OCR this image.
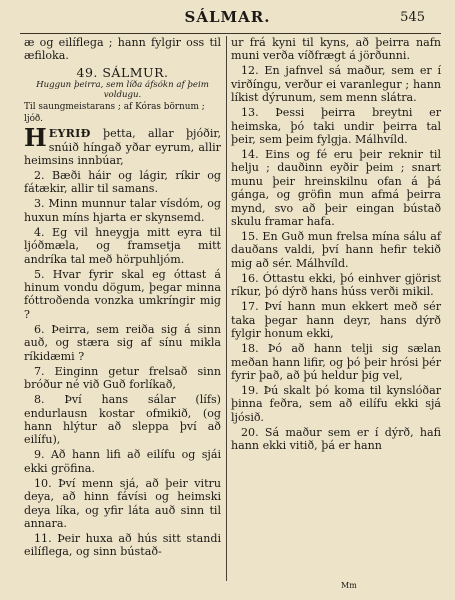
SÁLMAR.	545

æ og eilíflega ; hann fylgir oss til æfiloka.

49. SÁLMUR.
Huggun þeirra, sem líða áfsókn af þeim voldugu.
Til saungmeistarans ; af Kóras börnum ; ljóð.

HEYRIÐ þetta, allar þjóðir, snúið híngað yðar eyrum, allir heimsins innbúar,

2. Bæði háir og lágir, ríkir og fátækir, allir til samans.

3. Minn munnur talar vísdóm, og huxun míns hjarta er skynsemd.

4. Eg vil hneygja mitt eyra til ljóðmæla, og framsetja mitt andríka tal með hörpuhljóm.

5. Hvar fyrir skal eg óttast á hinum vondu dögum, þegar minna fóttroðenda vonzka umkríngir mig ?

6. Þeirra, sem reiða sig á sinn auð, og stæra sig af sínu mikla ríkidæmi ?

7. Einginn getur frelsað sinn bróður né við Guð forlíkað,

8. Því hans sálar (lífs) endurlausn kostar ofmikið, (og hann hlýtur að sleppa því að eilífu),

9. Að hann lifi að eilífu og sjái ekki gröfina.

10. Því menn sjá, að þeir vitru deya, að hinn fávísi og heimski deya líka, og yfir láta auð sinn til annara.

11. Þeir huxa að hús sitt standi eilíflega, og sinn bústað-

ur frá kyni til kyns, að þeirra nafn muni verða víðfrægt á jörðunni.

12. En jafnvel sá maður, sem er í virðíngu, verður ei varanlegur ; hann líkist dýrunum, sem menn slátra.

13. Þessi þeirra breytni er heimska, þó taki undir þeirra tal þeir, sem þeim fylgja. Málhvíld.

14. Eins og fé eru þeir reknir til helju ; dauðinn eyðir þeim ; snart munu þeir hreinskilnu ofan á þá gánga, og gröfin mun afmá þeirra mynd, svo að þeir eingan bústað skulu framar hafa.

15. En Guð mun frelsa mína sálu af dauðans valdi, því hann hefir tekið mig að sér. Málhvíld.

16. Óttastu ekki, þó einhver gjörist ríkur, þó dýrð hans húss verði mikil.

17. Því hann mun ekkert með sér taka þegar hann deyr, hans dýrð fylgir honum ekki,

18. Þó að hann telji sig sælan meðan hann lifir, og þó þeir hrósi þér fyrir það, að þú heldur þig vel,

19. Þú skalt þó koma til kynslóðar þinna feðra, sem að eilífu ekki sjá ljósið.

20. Sá maður sem er í dýrð, hafi hann ekki vitið, þá er hann

Mm
